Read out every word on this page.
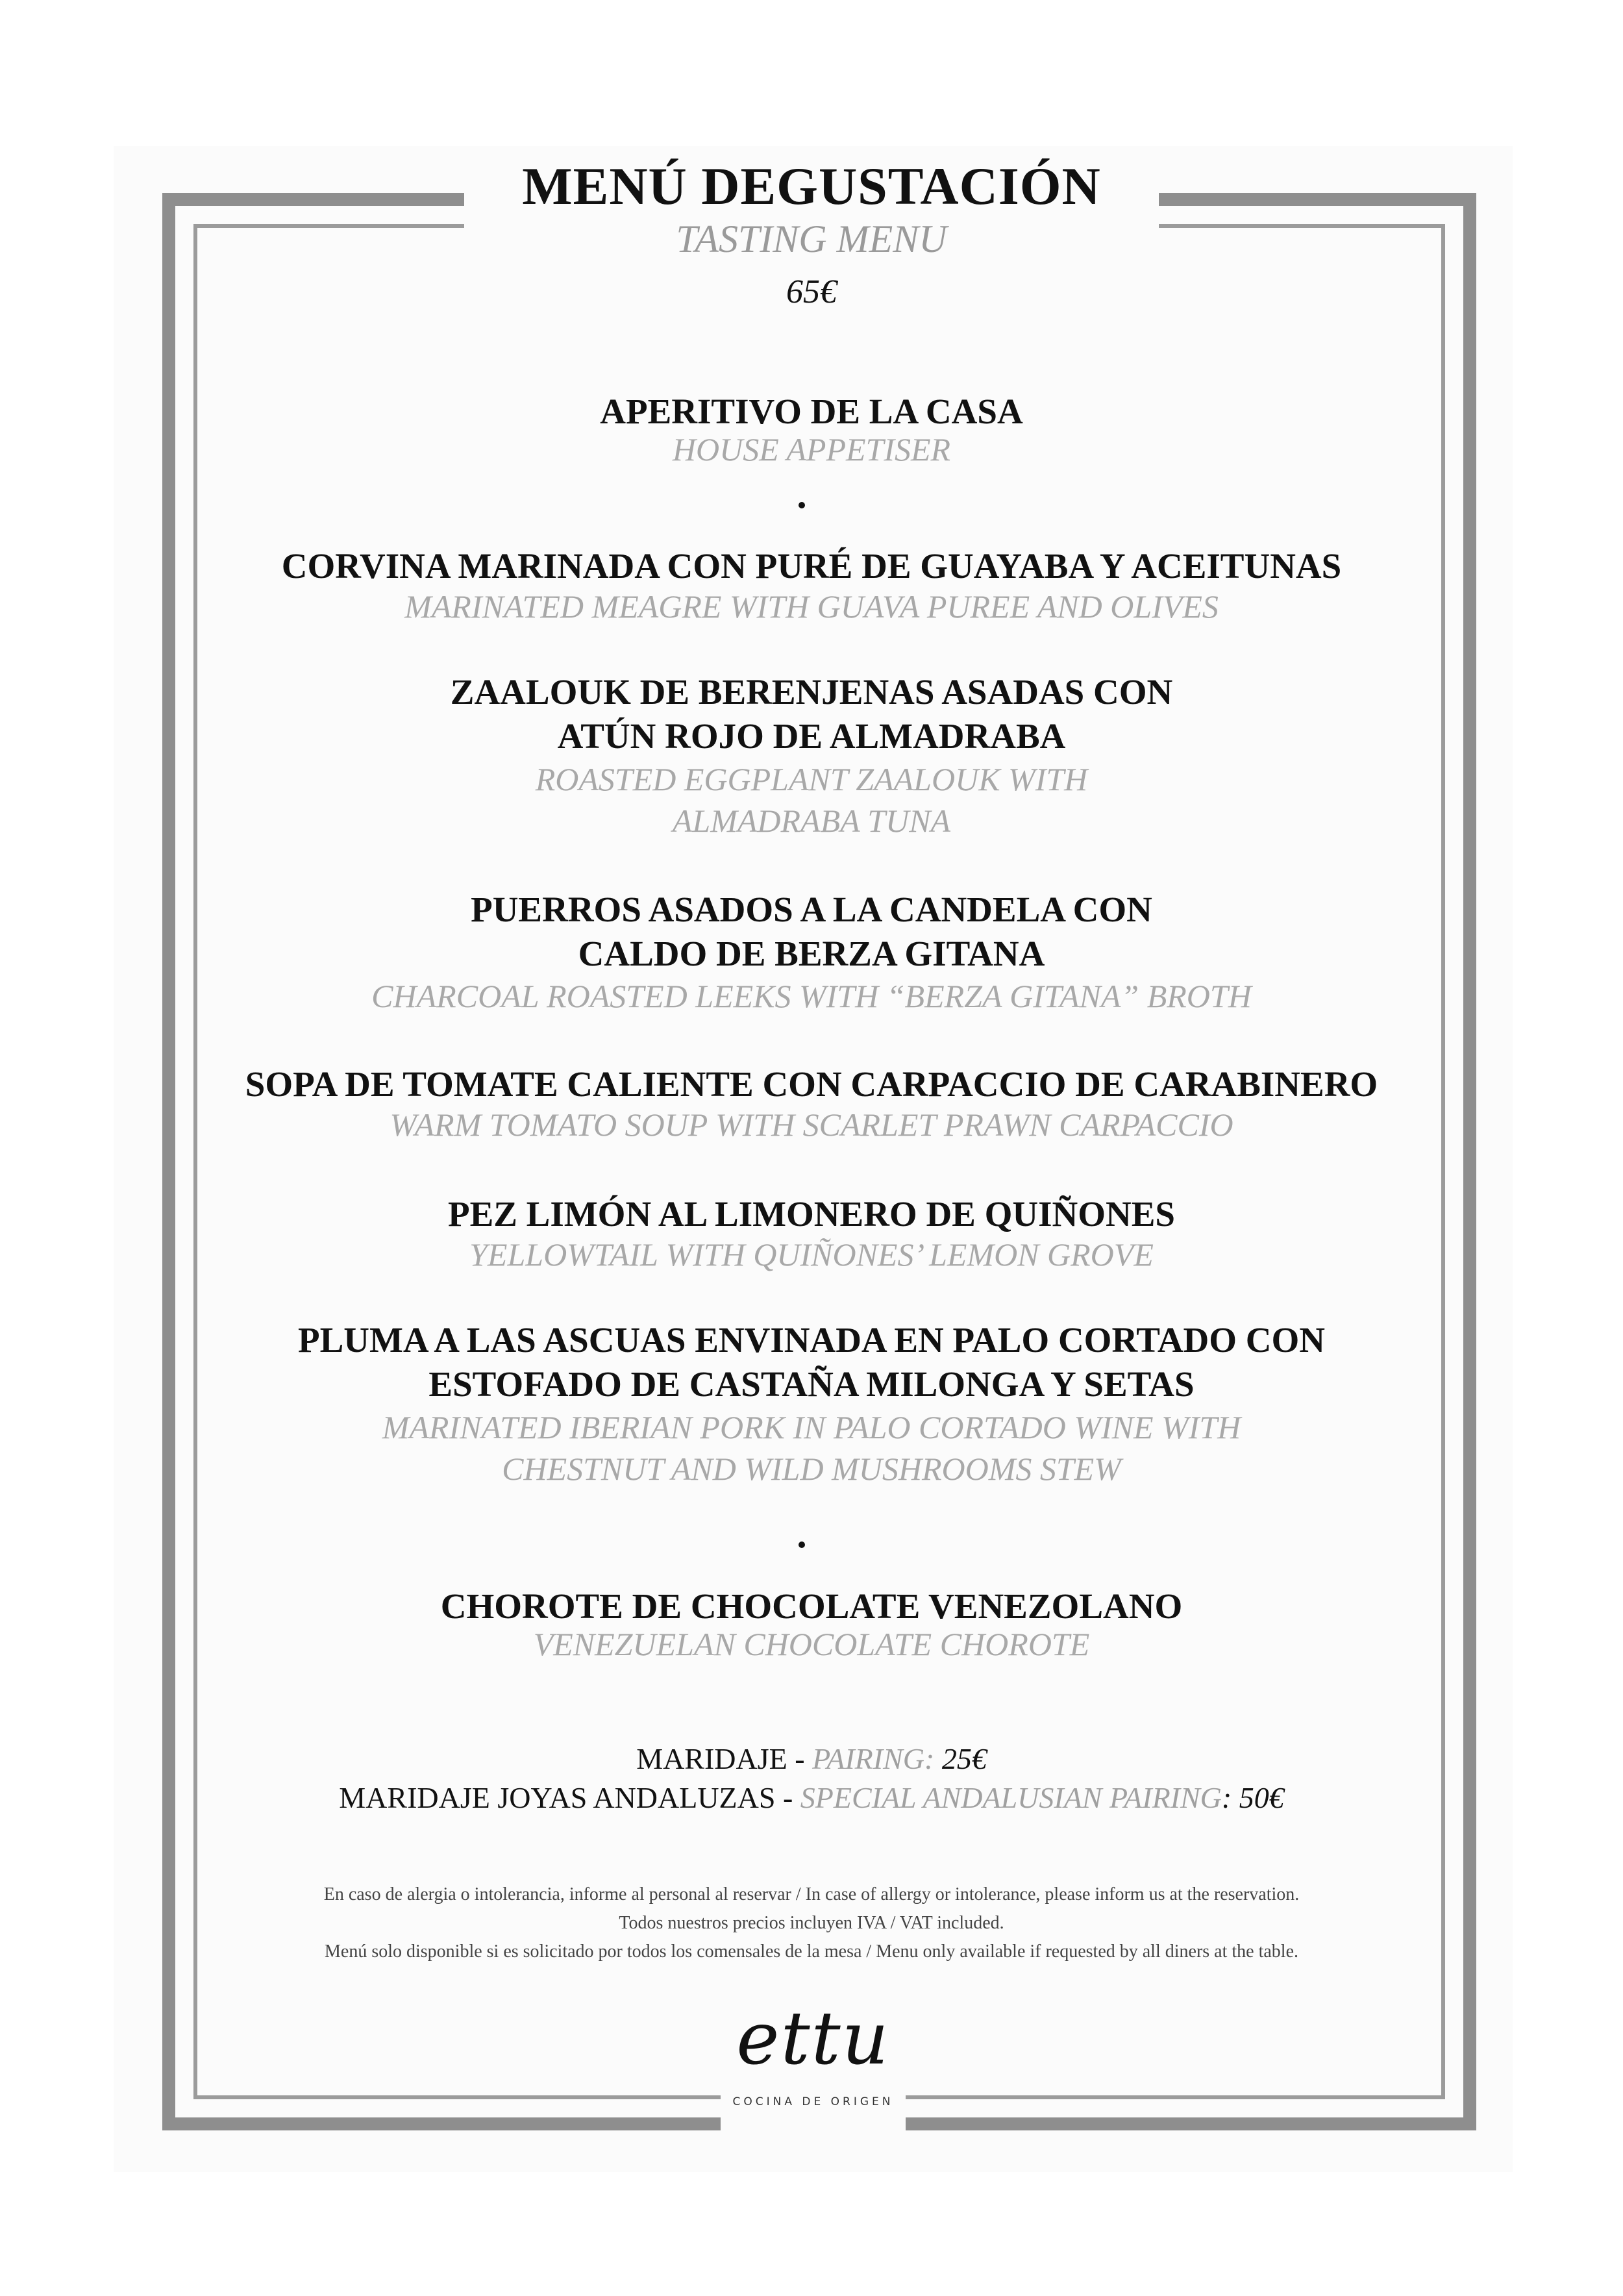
MENÚ DEGUSTACIÓN

TASTING MENU

65€

APERITIVO DE LA CASA

HOUSE APPETISER

CORVINA MARINADA CON PURÉ DE GUAYABA Y ACEITUNAS

MARINATED MEAGRE WITH GUAVA PUREE AND OLIVES

ZAALOUK DE BERENJENAS ASADAS CON

ATÚN ROJO DE ALMADRABA

ROASTED EGGPLANT ZAALOUK WITH

ALMADRABA TUNA

PUERROS ASADOS A LA CANDELA CON

CALDO DE BERZA GITANA

CHARCOAL ROASTED LEEKS WITH “BERZA GITANA” BROTH

SOPA DE TOMATE CALIENTE CON CARPACCIO DE CARABINERO

WARM TOMATO SOUP WITH SCARLET PRAWN CARPACCIO

PEZ LIMÓN AL LIMONERO DE QUIÑONES

YELLOWTAIL WITH QUIÑONES’ LEMON GROVE

PLUMA A LAS ASCUAS ENVINADA EN PALO CORTADO CON

ESTOFADO DE CASTAÑA MILONGA Y SETAS

MARINATED IBERIAN PORK IN PALO CORTADO WINE WITH

CHESTNUT AND WILD MUSHROOMS STEW

CHOROTE DE CHOCOLATE VENEZOLANO

VENEZUELAN CHOCOLATE CHOROTE

MARIDAJE - PAIRING: 25€

MARIDAJE JOYAS ANDALUZAS - SPECIAL ANDALUSIAN PAIRING: 50€

En caso de alergia o intolerancia, informe al personal al reservar / In case of allergy or intolerance, please inform us at the reservation.

Todos nuestros precios incluyen IVA / VAT included.

Menú solo disponible si es solicitado por todos los comensales de la mesa / Menu only available if requested by all diners at the table.

ettu
COCINA DE ORIGEN
